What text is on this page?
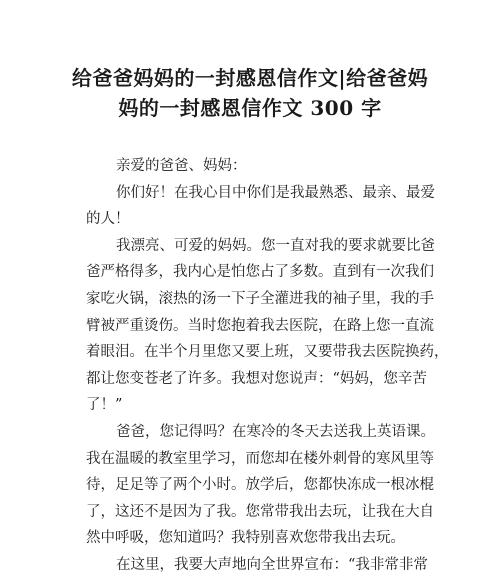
给爸爸妈妈的一封感恩信作文|给爸爸妈
妈的一封感恩信作文 300 字
亲爱的爸爸、妈妈：
你们好！在我心目中你们是我最熟悉、最亲、最爱
的人！
我漂亮、可爱的妈妈。您一直对我的要求就要比爸
爸严格得多，我内心是怕您占了多数。直到有一次我们
家吃火锅，滚热的汤一下子全灌进我的袖子里，我的手
臂被严重烫伤。当时您抱着我去医院，在路上您一直流
着眼泪。在半个月里您又要上班，又要带我去医院换药，
都让您变苍老了许多。我想对您说声：“妈妈，您辛苦
了！”
爸爸，您记得吗？在寒冷的冬天去送我上英语课。
我在温暖的教室里学习，而您却在楼外刺骨的寒风里等
待，足足等了两个小时。放学后，您都快冻成一根冰棍
了，这还不是因为了我。您常带我出去玩，让我在大自
然中呼吸，您知道吗？我特别喜欢您带我出去玩。
在这里，我要大声地向全世界宣布：“我非常非常
